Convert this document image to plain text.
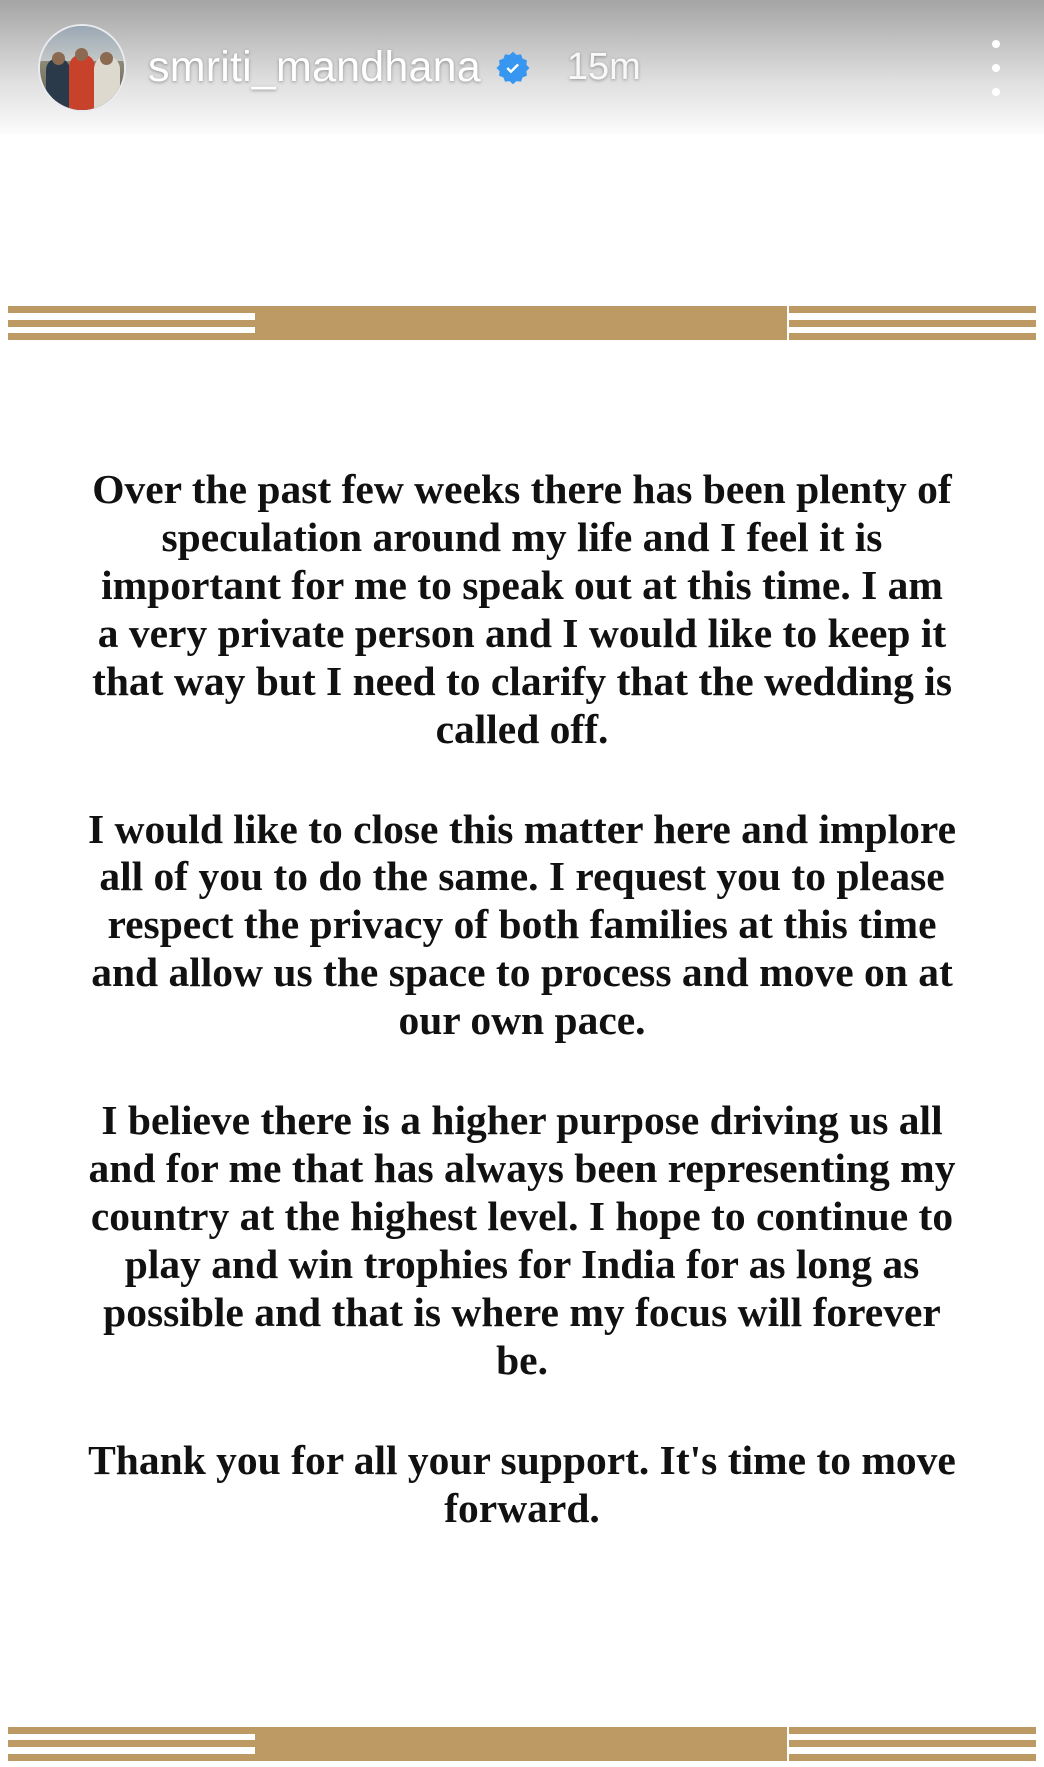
Over the past few weeks there has been plenty of speculation around my life and I feel it is important for me to speak out at this time. I am a very private person and I would like to keep it that way but I need to clarify that the wedding is called off.

I would like to close this matter here and implore all of you to do the same. I request you to please respect the privacy of both families at this time and allow us the space to process and move on at our own pace.

I believe there is a higher purpose driving us all and for me that has always been representing my country at the highest level. I hope to continue to play and win trophies for India for as long as possible and that is where my focus will forever be.

Thank you for all your support. It's time to move forward.

smriti_mandhana 15m
